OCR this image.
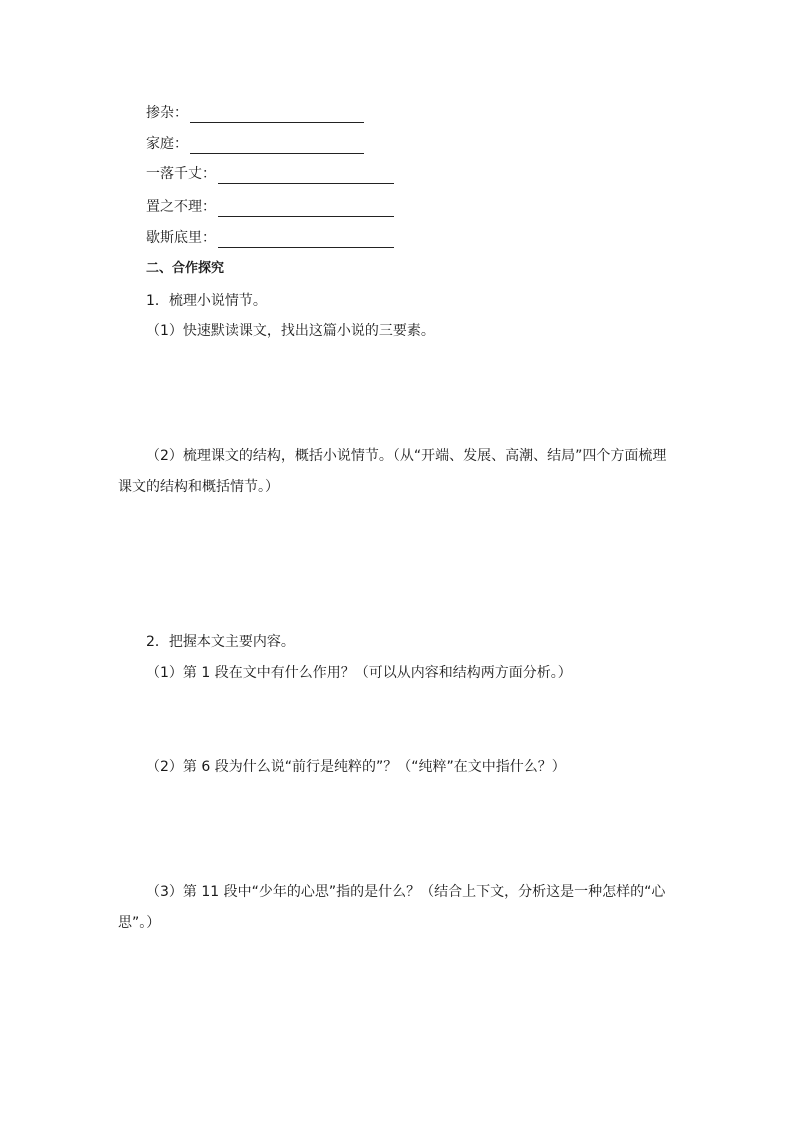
掺杂：
家庭：
一落千丈：
置之不理：
歇斯底里：
二、合作探究
1．梳理小说情节。
（1）快速默读课文，找出这篇小说的三要素。
（2）梳理课文的结构，概括小说情节。（从“开端、发展、高潮、结局”四个方面梳理
课文的结构和概括情节。）
2．把握本文主要内容。
（1）第 1 段在文中有什么作用？（可以从内容和结构两方面分析。）
（2）第 6 段为什么说“前行是纯粹的”？（“纯粹”在文中指什么？）
（3）第 11 段中“少年的心思”指的是什么？（结合上下文，分析这是一种怎样的“心
思”。）
